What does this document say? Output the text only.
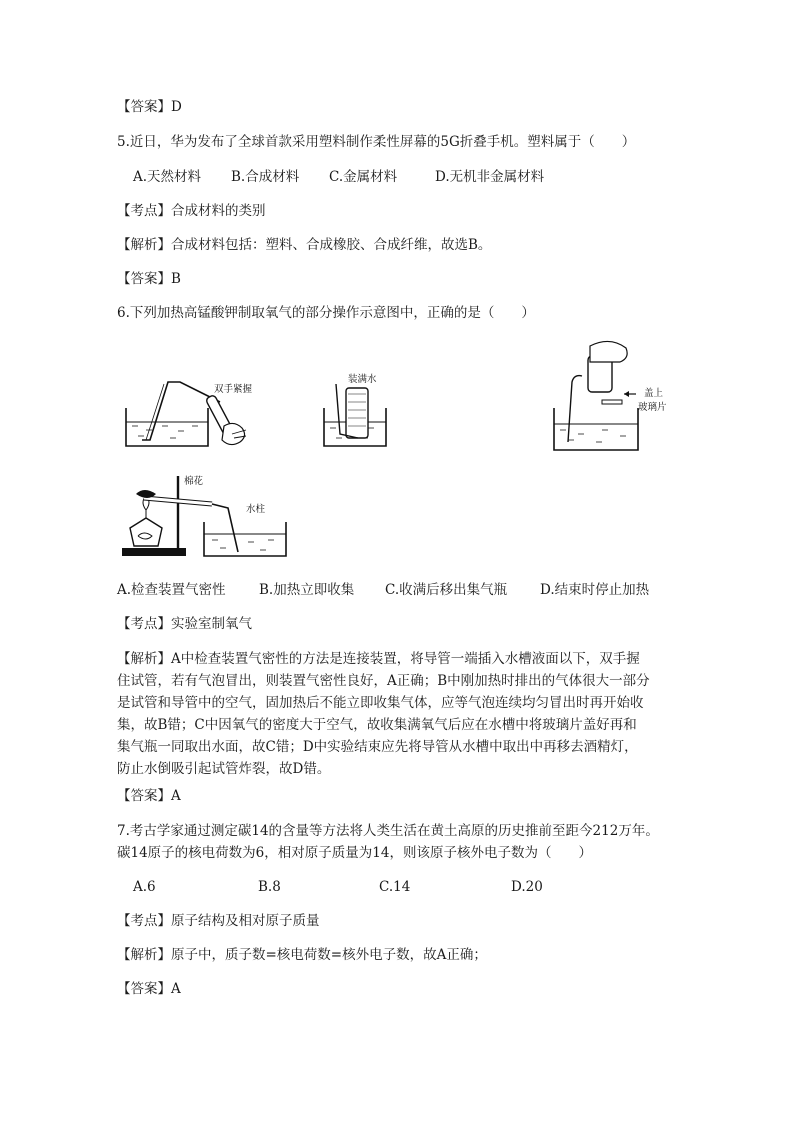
【答案】D
5.近日，华为发布了全球首款采用塑料制作柔性屏幕的5G折叠手机。塑料属于（　　）
A.天然材料 B.合成材料 C.金属材料	D.无机非金属材料
【考点】合成材料的类别
【解析】合成材料包括：塑料、合成橡胶、合成纤维，故选B。
【答案】B
6.下列加热高锰酸钾制取氧气的部分操作示意图中，正确的是（　　）
双手紧握
装满水
盖上
玻璃片
棉花
水柱
A.检查装置气密性 B.加热立即收集 C.收满后移出集气瓶 D.结束时停止加热
【考点】实验室制氧气
【解析】A中检查装置气密性的方法是连接装置，将导管一端插入水槽液面以下，双手握
住试管，若有气泡冒出，则装置气密性良好，A正确；B中刚加热时排出的气体很大一部分
是试管和导管中的空气，固加热后不能立即收集气体，应等气泡连续均匀冒出时再开始收
集，故B错；C中因氧气的密度大于空气，故收集满氧气后应在水槽中将玻璃片盖好再和
集气瓶一同取出水面，故C错；D中实验结束应先将导管从水槽中取出中再移去酒精灯，
防止水倒吸引起试管炸裂，故D错。
【答案】A
7.考古学家通过测定碳14的含量等方法将人类生活在黄土高原的历史推前至距今212万年。
碳14原子的核电荷数为6，相对原子质量为14，则该原子核外电子数为（　　）
A.6	B.8	C.14	D.20
【考点】原子结构及相对原子质量
【解析】原子中，质子数=核电荷数=核外电子数，故A正确；
【答案】A
